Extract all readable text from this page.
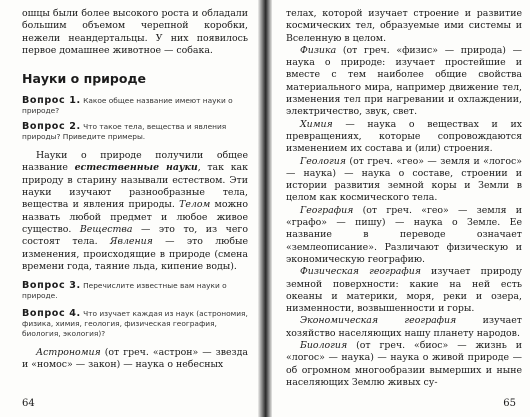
ошцы были более высокого роста и обладали большим объемом черепной коробки, нежели неандертальцы. У них появилось первое домашнее животное — собака.

Науки о природе

Вопрос 1. Какое общее название имеют науки о природе?

Вопрос 2. Что такое тела, вещества и явления природы? Приведите примеры.

Науки о природе получили общее название естественные науки, так как природу в старину называли естеством. Эти науки изучают разнообразные тела, вещества и явления природы. Телом можно назвать любой предмет и любое живое существо. Вещества — это то, из чего состоят тела. Явления — это любые изменения, происходящие в природе (смена времени года, таяние льда, кипение воды).

Вопрос 3. Перечислите известные вам науки о природе.

Вопрос 4. Что изучает каждая из наук (астрономия, физика, химия, геология, физическая география, биология, экология)?

Астрономия (от греч. «астрон» — звезда и «номос» — закон) — наука о небесных

64

телах, которой изучает строение и развитие космических тел, образуемые ими системы и Вселенную в целом.

Физика (от греч. «физис» — природа) — наука о природе: изучает простейшие и вместе с тем наиболее общие свойства материального мира, например движение тел, изменения тел при нагревании и охлаждении, электричество, звук, свет.

Химия — наука о веществах и их превращениях, которые сопровождаются изменением их состава и (или) строения.

Геология (от греч. «гео» — земля и «логос» — наука) — наука о составе, строении и истории развития земной коры и Земли в целом как космического тела.

География (от греч. «гео» — земля и «графо» — пишу) — наука о Земле. Ее название в переводе означает «землеописание». Различают физическую и экономическую географию.

Физическая география изучает природу земной поверхности: какие на ней есть океаны и материки, моря, реки и озера, низменности, возвышенности и горы.

Экономическая география изучает хозяйство населяющих нашу планету народов.

Биология (от греч. «биос» — жизнь и «логос» — наука) — наука о живой природе — об огромном многообразии вымерших и ныне населяющих Землю живых су-

65
